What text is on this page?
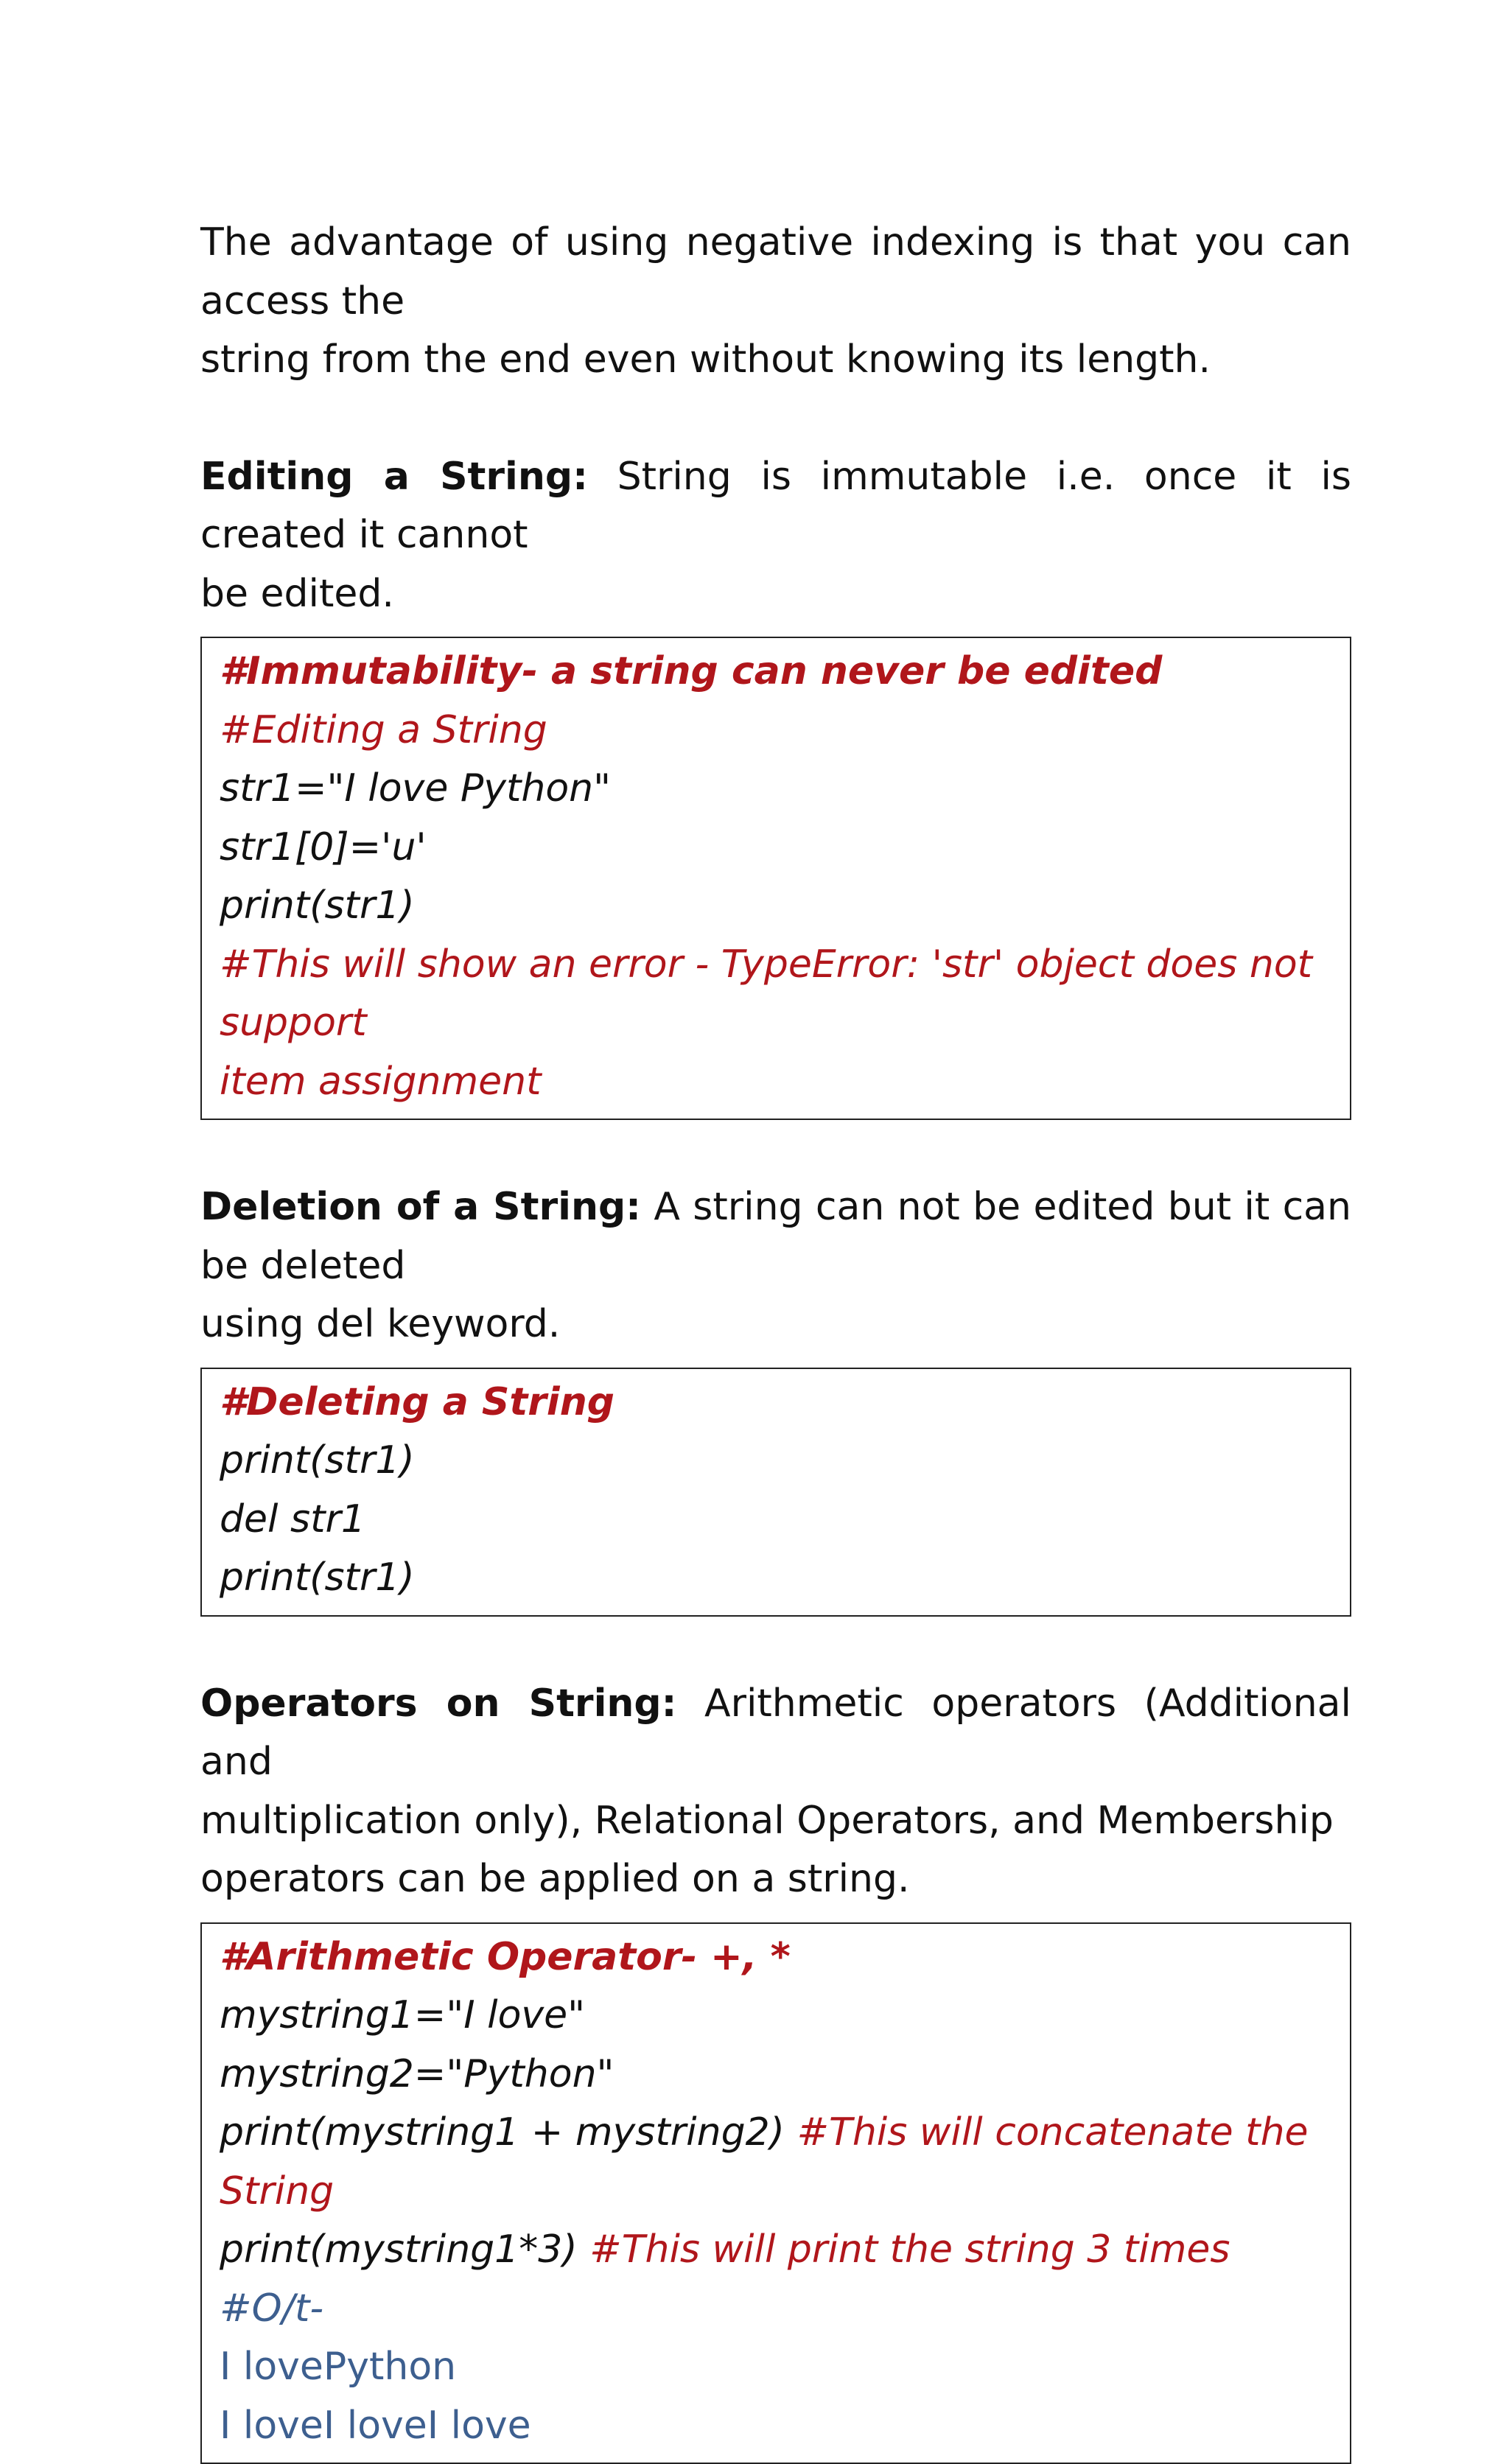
The advantage of using negative indexing is that you can access the
string from the end even without knowing its length.

Editing a String: String is immutable i.e. once it is created it cannot
be edited.

#Immutability- a string can never be edited
#Editing a String
str1="I love Python"
str1[0]='u'
print(str1)
#This will show an error - TypeError: 'str' object does not support
item assignment

Deletion of a String: A string can not be edited but it can be deleted
using del keyword.

#Deleting a String
print(str1)
del str1
print(str1)

Operators on String: Arithmetic operators (Additional and
multiplication only), Relational Operators, and Membership
operators can be applied on a string.

#Arithmetic Operator- +, *
mystring1="I love"
mystring2="Python"
print(mystring1 + mystring2) #This will concatenate the String
print(mystring1*3) #This will print the string 3 times
#O/t-
I lovePython
I loveI loveI love
